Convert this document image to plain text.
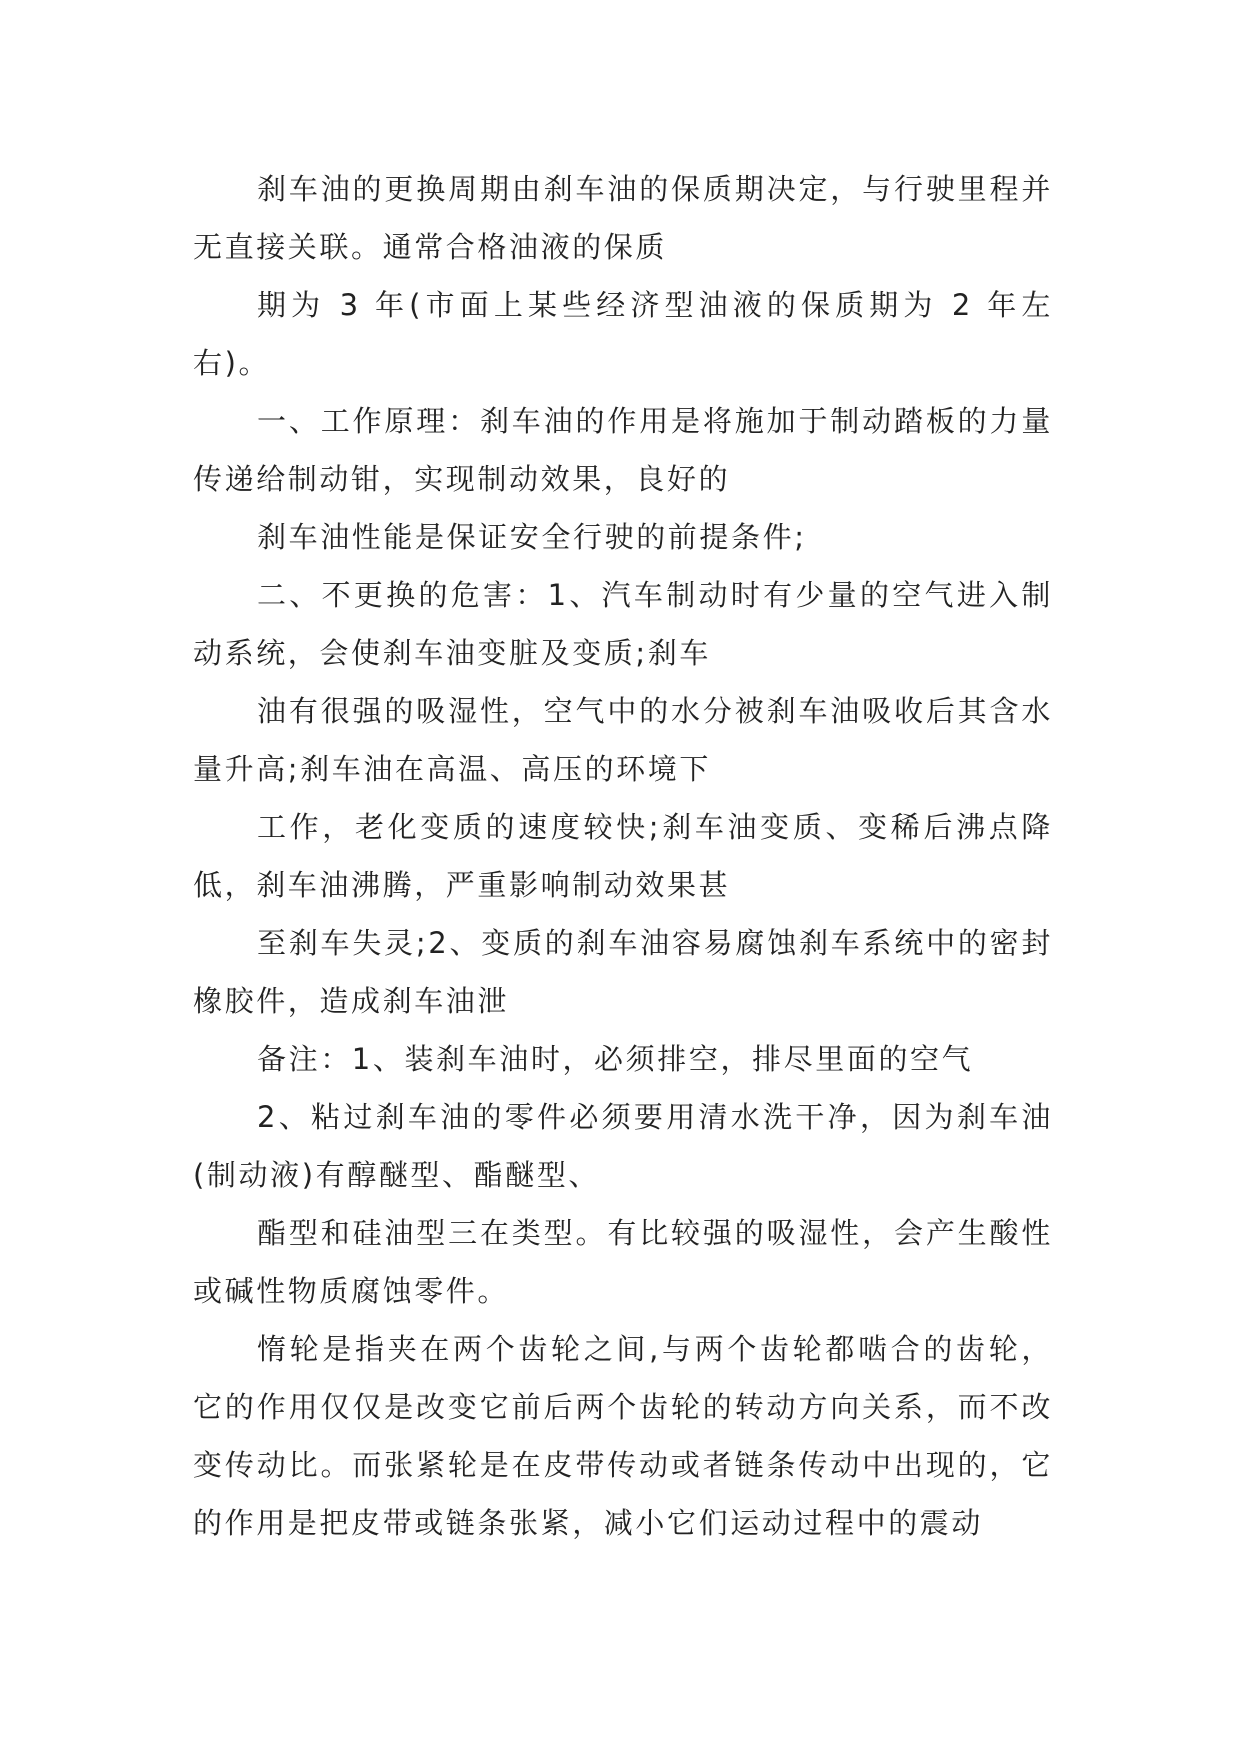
刹车油的更换周期由刹车油的保质期决定，与行驶里程并无直接关联。通常合格油液的保质

期为 3 年(市面上某些经济型油液的保质期为 2 年左右)。

一、工作原理：刹车油的作用是将施加于制动踏板的力量传递给制动钳，实现制动效果，良好的

刹车油性能是保证安全行驶的前提条件;

二、不更换的危害：1、汽车制动时有少量的空气进入制动系统，会使刹车油变脏及变质;刹车

油有很强的吸湿性，空气中的水分被刹车油吸收后其含水量升高;刹车油在高温、高压的环境下

工作，老化变质的速度较快;刹车油变质、变稀后沸点降低，刹车油沸腾，严重影响制动效果甚

至刹车失灵;2、变质的刹车油容易腐蚀刹车系统中的密封橡胶件，造成刹车油泄

备注：1、装刹车油时，必须排空，排尽里面的空气

2、粘过刹车油的零件必须要用清水洗干净，因为刹车油(制动液)有醇醚型、酯醚型、

酯型和硅油型三在类型。有比较强的吸湿性，会产生酸性或碱性物质腐蚀零件。

惰轮是指夹在两个齿轮之间,与两个齿轮都啮合的齿轮，它的作用仅仅是改变它前后两个齿轮的转动方向关系，而不改变传动比。而张紧轮是在皮带传动或者链条传动中出现的，它的作用是把皮带或链条张紧，减小它们运动过程中的震动
